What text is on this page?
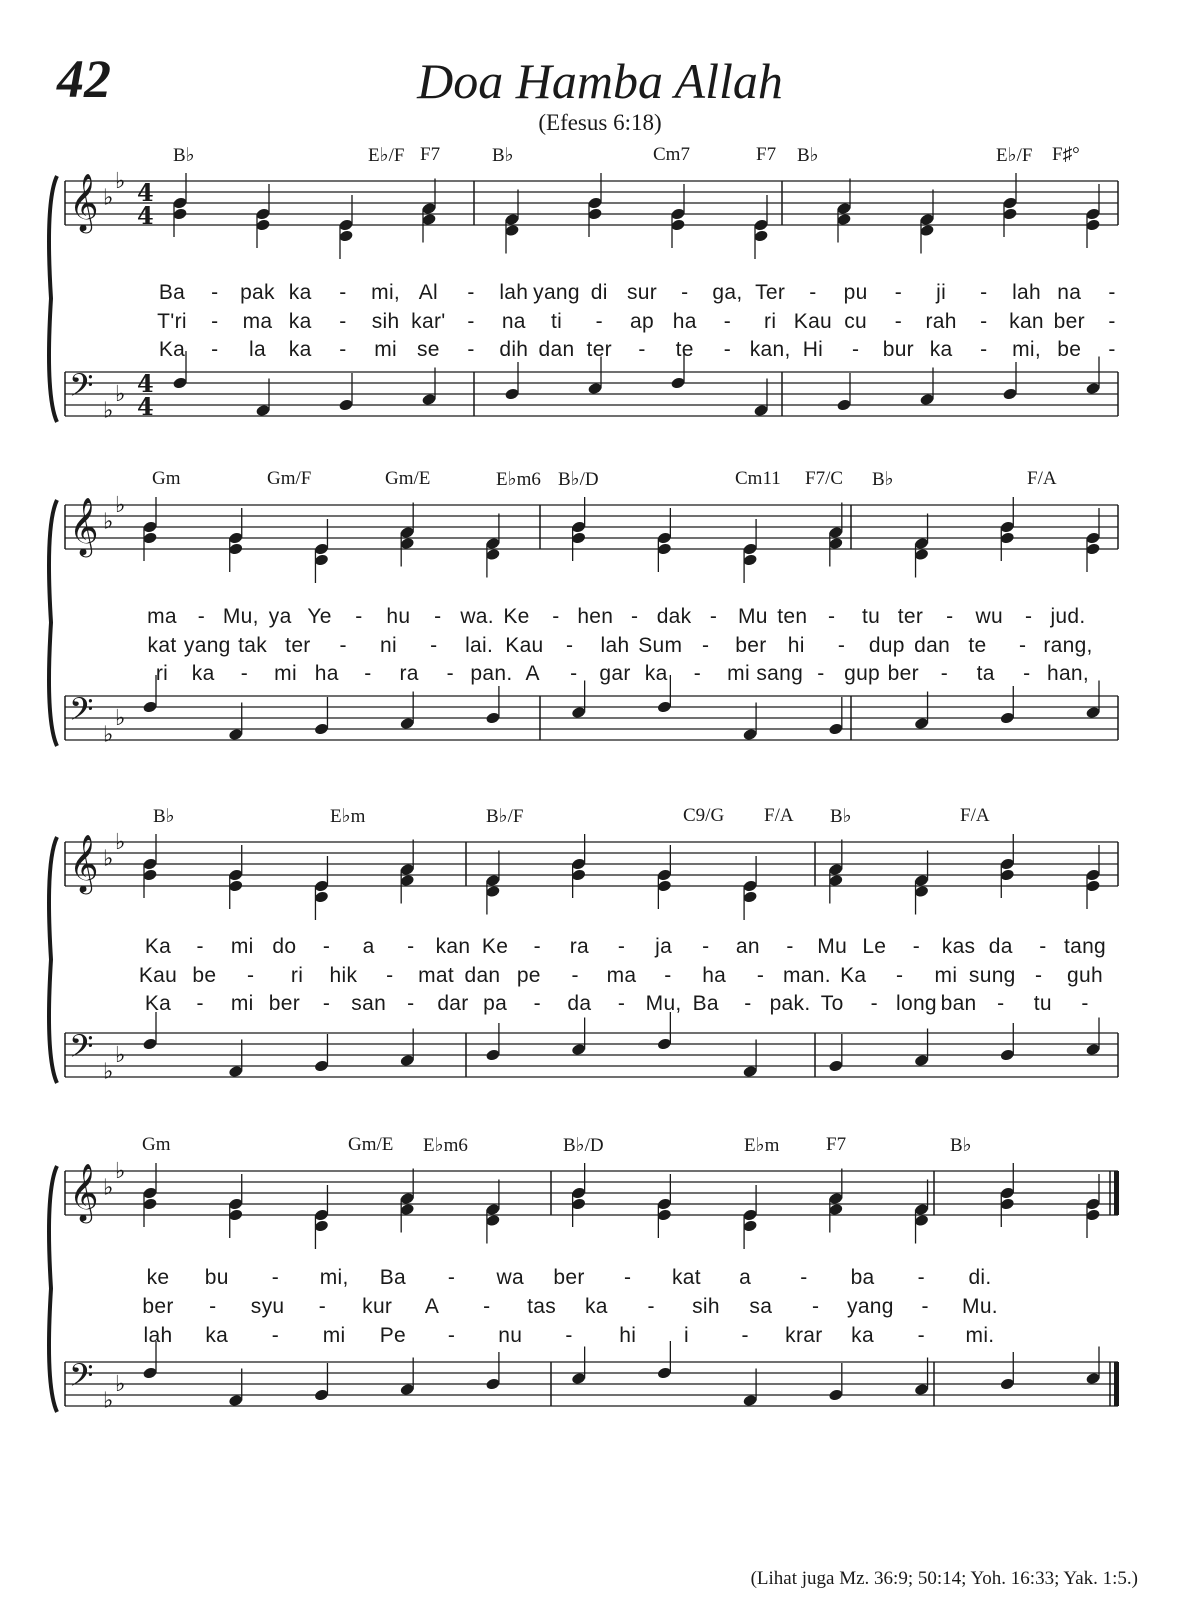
42	Doa Hamba Allah
(Efesus 6:18)
B♭	E♭/F F7	B♭	Cm7	F7 B♭	E♭/F F♯°
𝄞 ♭
♭ 4
4
𝄢 ♭
♭ 4
4
Ba - pak ka - mi, Al - lah yang di sur - ga, Ter - pu - ji - lah na -
T'ri - ma ka - sih kar' - na ti - ap ha - ri Kau cu - rah - kan ber -
Ka - la ka - mi se - dih dan ter - te - kan, Hi - bur ka - mi, be -
Gm	Gm/F	Gm/E	E♭m6 B♭/D	Cm11 F7/C B♭	F/A
𝄞 ♭
♭
𝄢 ♭
♭
ma - Mu, ya Ye - hu - wa. Ke - hen - dak - Mu ten - tu ter - wu - jud.
kat yang tak ter - ni - lai. Kau - lah Sum - ber hi - dup dan te - rang,
ri ka - mi ha - ra - pan. A - gar ka - mi sang - gup ber - ta - han,
B♭	E♭m	B♭/F	C9/G F/A B♭	F/A
𝄞 ♭
♭
𝄢 ♭
♭
Ka - mi do - a - kan Ke - ra - ja - an - Mu Le - kas da - tang
Kau be - ri hik - mat dan pe - ma - ha - man. Ka - mi sung - guh
Ka - mi ber - san - dar pa - da - Mu, Ba - pak. To - long ban - tu -
Gm	Gm/E E♭m6	B♭/D	E♭m F7	B♭
𝄞 ♭
♭
𝄢 ♭
♭
ke bu - mi, Ba - wa ber - kat a - ba - di.
ber - syu - kur A - tas ka - sih sa - yang - Mu.
lah ka - mi Pe - nu - hi i	- krar ka - mi.
(Lihat juga Mz. 36:9; 50:14; Yoh. 16:33; Yak. 1:5.)
